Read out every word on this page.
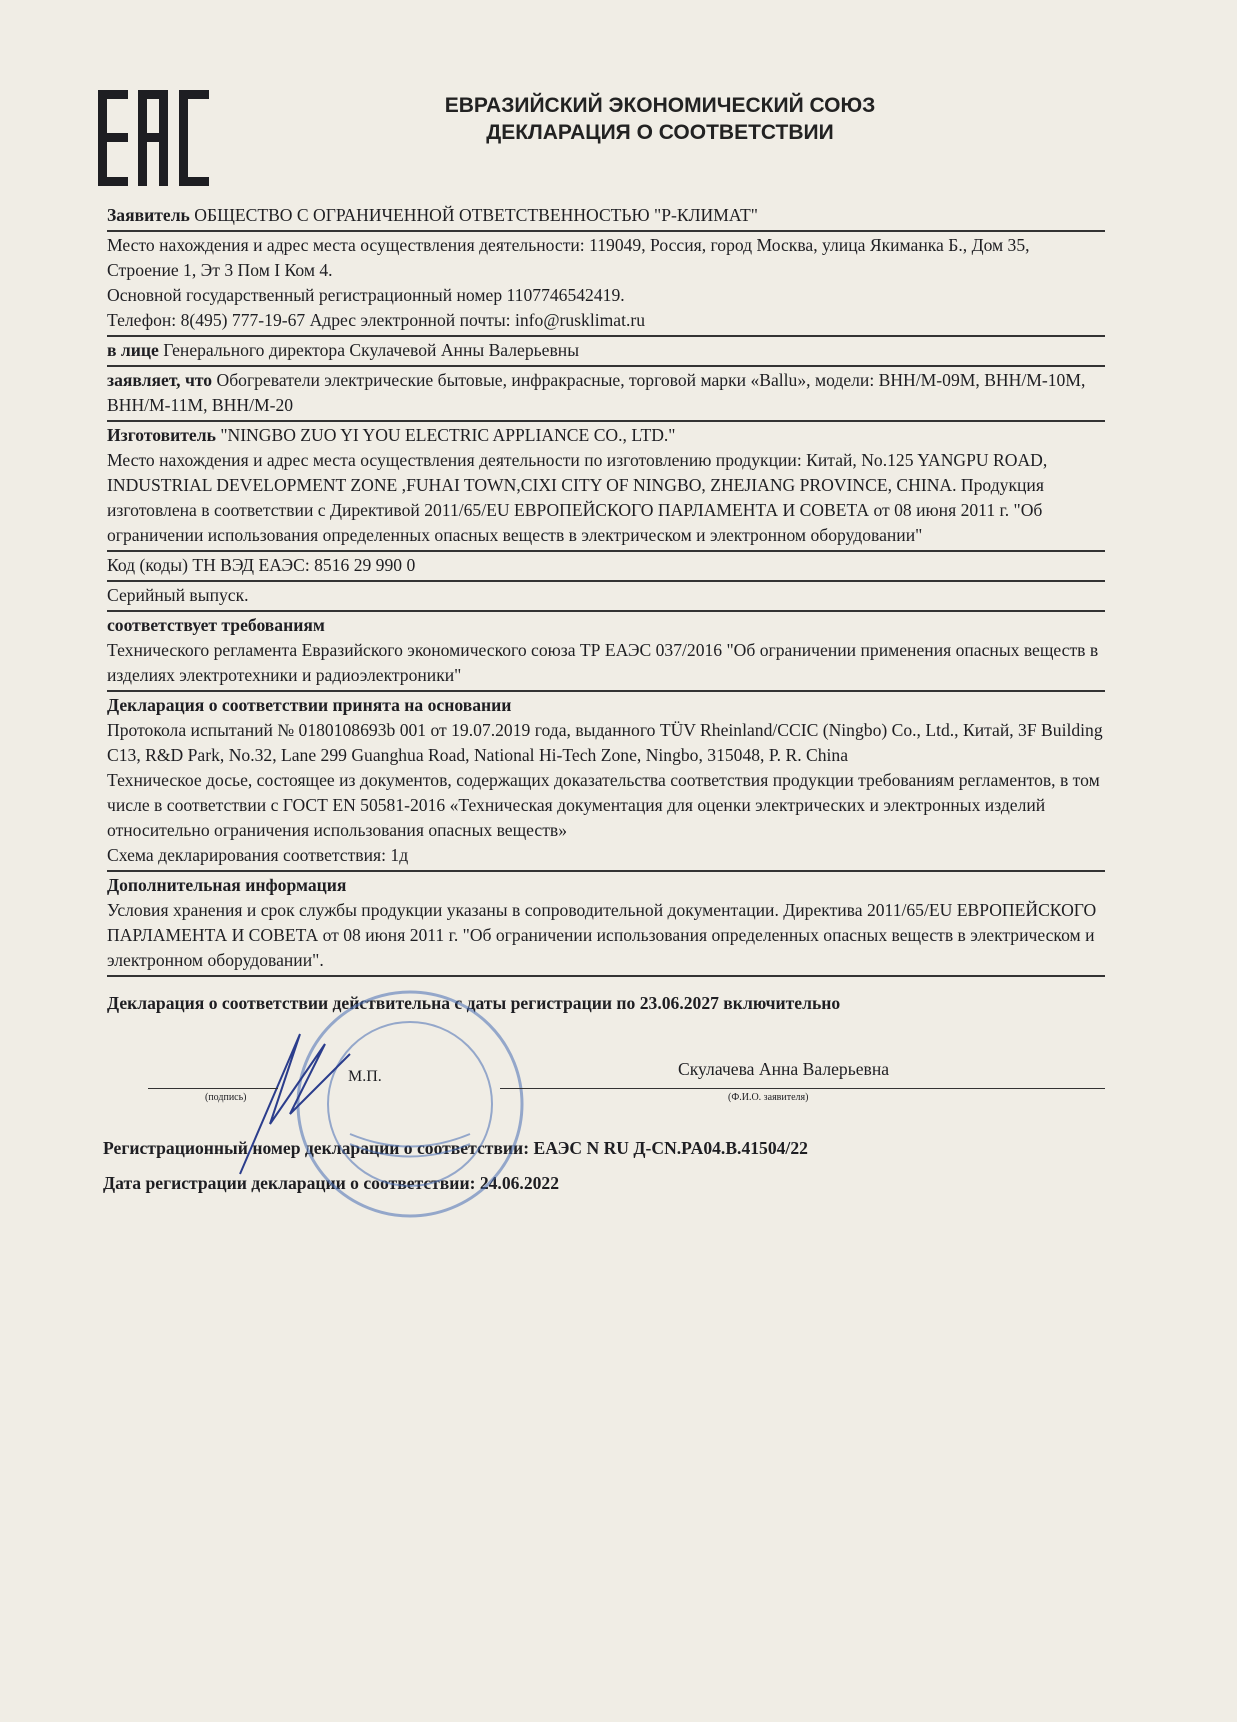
ЕВРАЗИЙСКИЙ ЭКОНОМИЧЕСКИЙ СОЮЗ
ДЕКЛАРАЦИЯ О СООТВЕТСТВИИ

Заявитель ОБЩЕСТВО С ОГРАНИЧЕННОЙ ОТВЕТСТВЕННОСТЬЮ "Р-КЛИМАТ"

Место нахождения и адрес места осуществления деятельности: 119049, Россия, город Москва, улица Якиманка Б., Дом 35, Строение 1, Эт 3 Пом I Ком 4.

Основной государственный регистрационный номер 1107746542419.

Телефон: 8(495) 777-19-67 Адрес электронной почты: info@rusklimat.ru

в лице Генерального директора Скулачевой Анны Валерьевны

заявляет, что Обогреватели электрические бытовые, инфракрасные, торговой марки «Ballu», модели: BHH/M-09M, BHH/M-10M, BHH/M-11M, BHH/M-20

Изготовитель "NINGBO ZUO YI YOU ELECTRIC APPLIANCE CO., LTD."

Место нахождения и адрес места осуществления деятельности по изготовлению продукции: Китай, No.125 YANGPU ROAD, INDUSTRIAL DEVELOPMENT ZONE ,FUHAI TOWN,CIXI CITY OF NINGBO, ZHEJIANG PROVINCE, CHINA. Продукция изготовлена в соответствии с Директивой 2011/65/EU ЕВРОПЕЙСКОГО ПАРЛАМЕНТА И СОВЕТА от 08 июня 2011 г. "Об ограничении использования определенных опасных веществ в электрическом и электронном оборудовании"

Код (коды) ТН ВЭД ЕАЭС: 8516 29 990 0

Серийный выпуск.

соответствует требованиям

Технического регламента Евразийского экономического союза ТР ЕАЭС 037/2016 "Об ограничении применения опасных веществ в изделиях электротехники и радиоэлектроники"

Декларация о соответствии принята на основании

Протокола испытаний № 0180108693b 001 от 19.07.2019 года, выданного TÜV Rheinland/CCIC (Ningbo) Co., Ltd., Китай, 3F Building C13, R&D Park, No.32, Lane 299 Guanghua Road, National Hi-Tech Zone, Ningbo, 315048, P. R. China

Техническое досье, состоящее из документов, содержащих доказательства соответствия продукции требованиям регламентов, в том числе в соответствии с ГОСТ EN 50581-2016 «Техническая документация для оценки электрических и электронных изделий относительно ограничения использования опасных веществ»

Схема декларирования соответствия: 1д

Дополнительная информация

Условия хранения и срок службы продукции указаны в сопроводительной документации. Директива 2011/65/EU ЕВРОПЕЙСКОГО ПАРЛАМЕНТА И СОВЕТА от 08 июня 2011 г. "Об ограничении использования определенных опасных веществ в электрическом и электронном оборудовании".

Декларация о соответствии действительна с даты регистрации по 23.06.2027 включительно
(подпись)
М.П.	Скулачева Анна Валерьевна
(Ф.И.О. заявителя)
Регистрационный номер декларации о соответствии: ЕАЭС N RU Д-CN.PA04.B.41504/22
Дата регистрации декларации о соответствии: 24.06.2022
